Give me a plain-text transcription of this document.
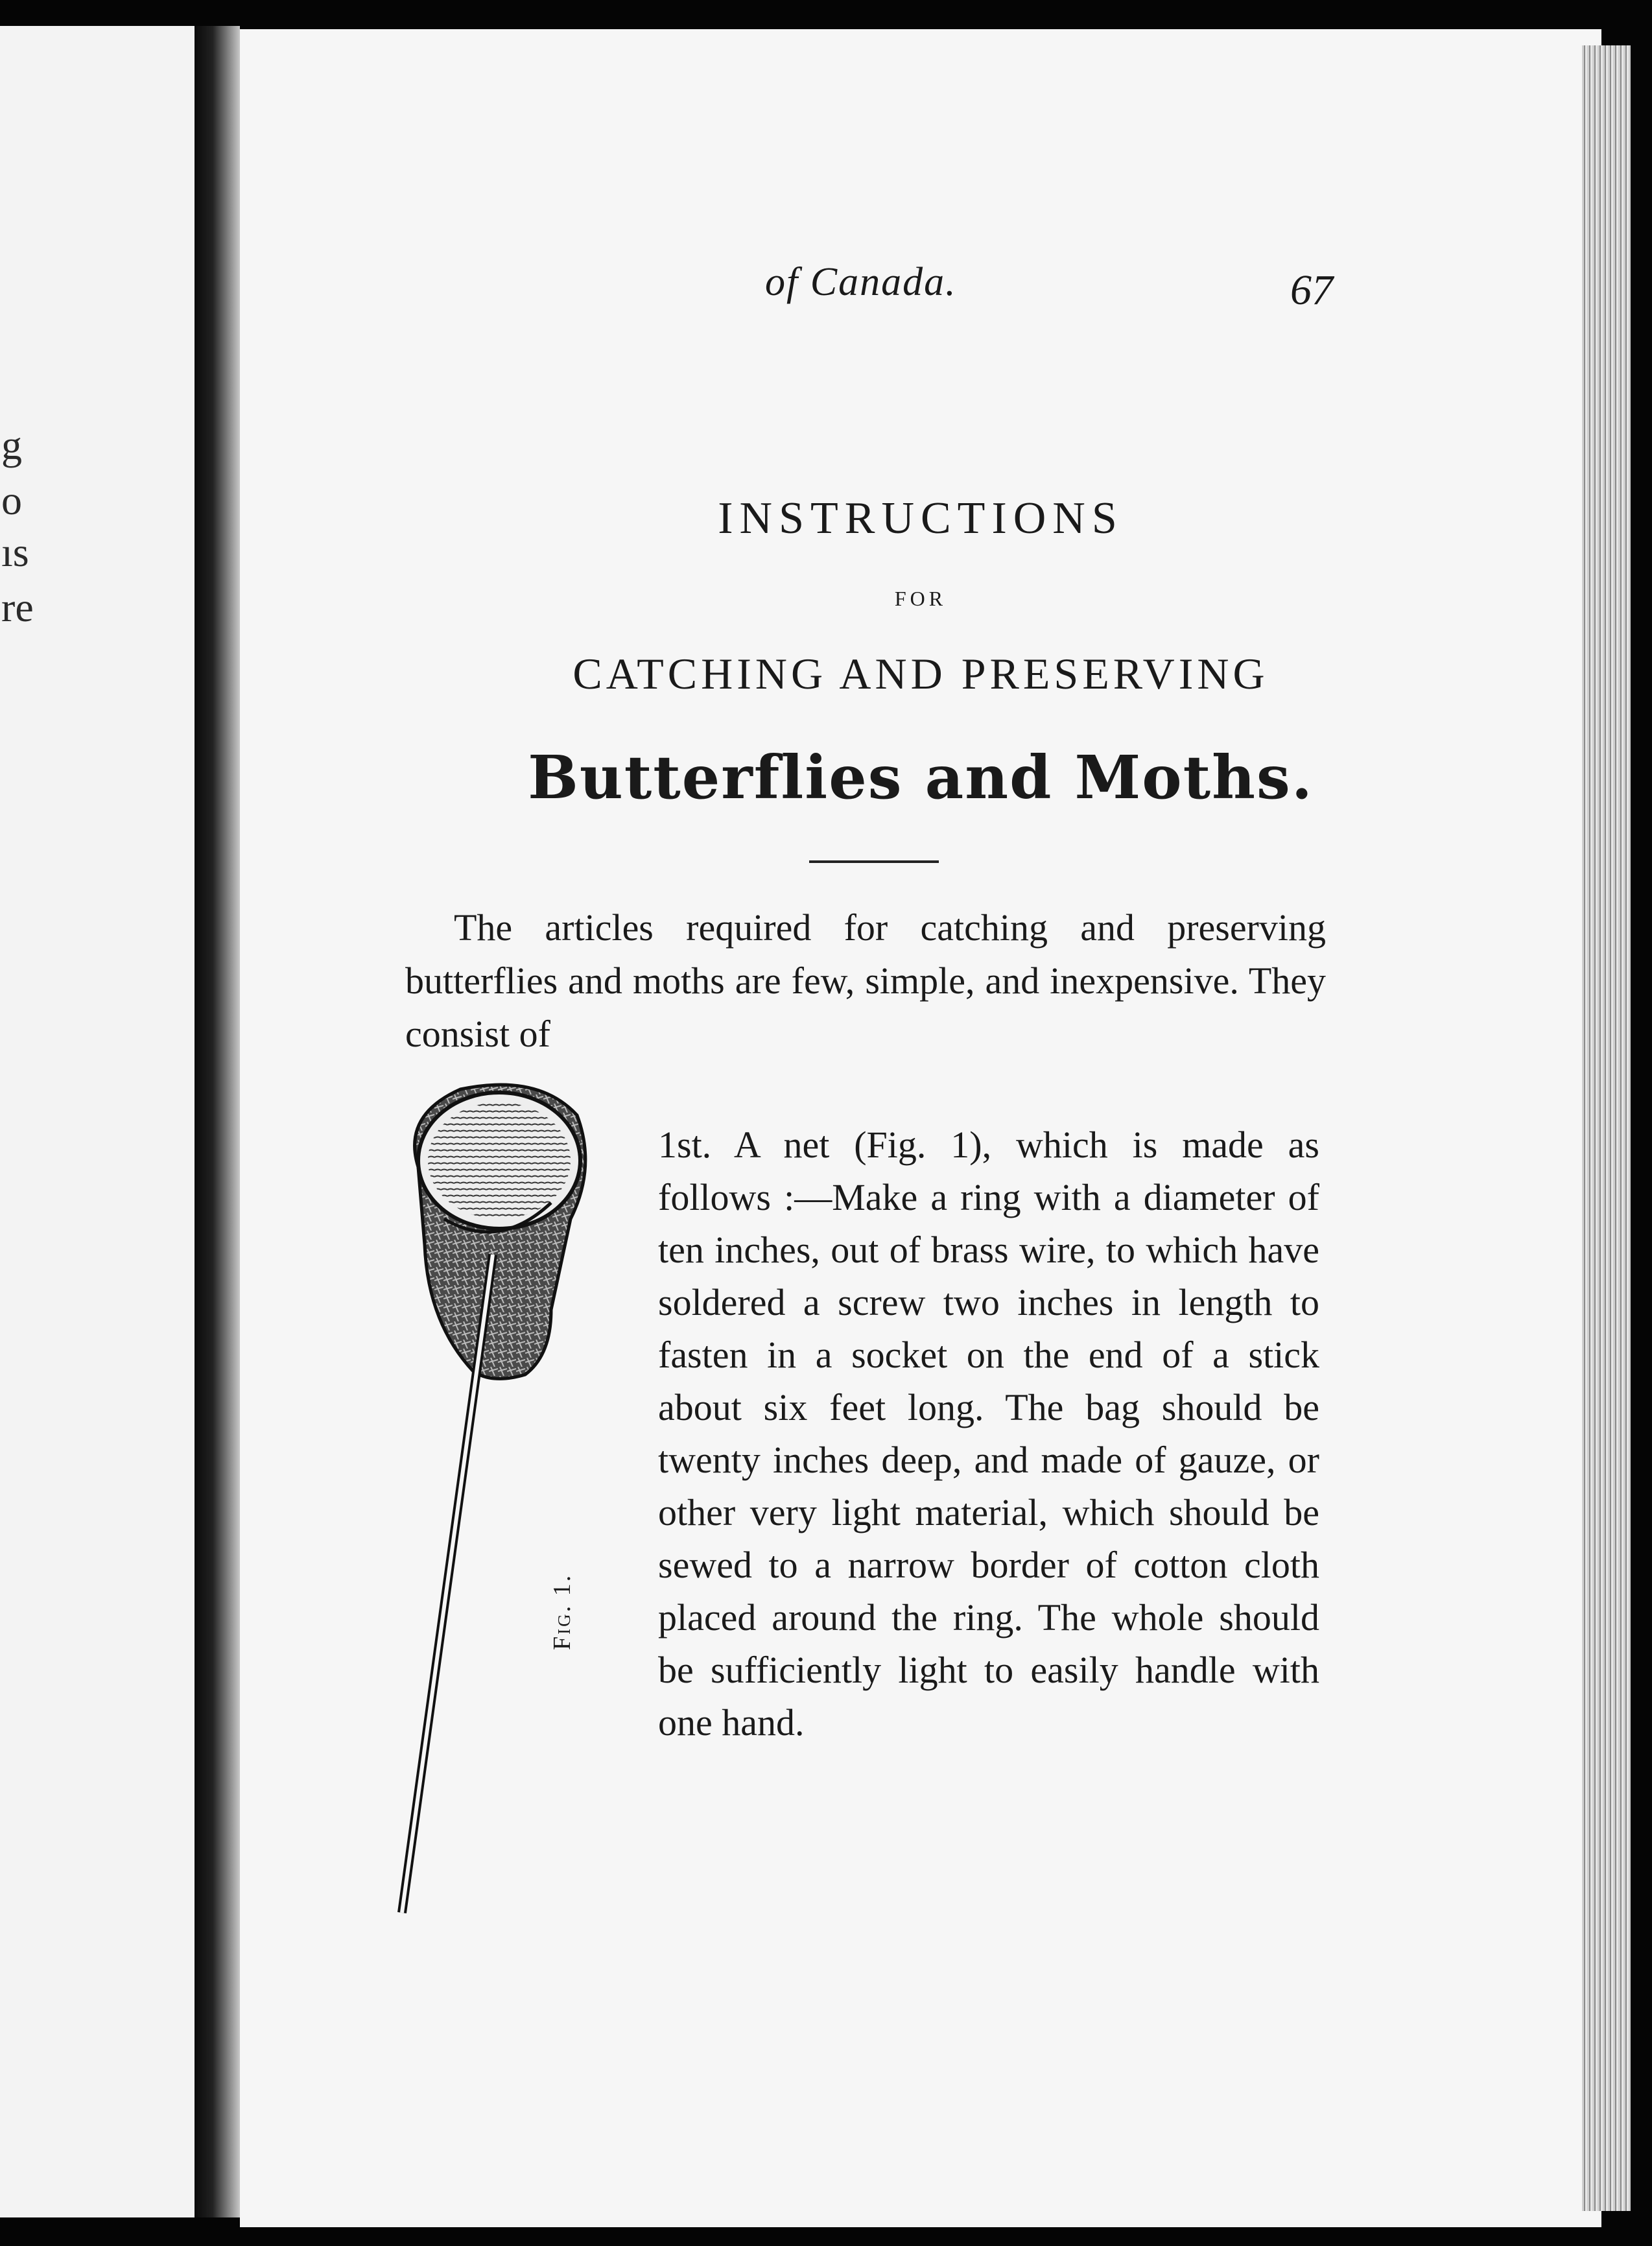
g
o
ıs
re
of Canada.	67
INSTRUCTIONS
FOR
CATCHING AND PRESERVING
Butterflies and Moths.

The articles required for catching and preserving butterflies and moths are few, simple, and inexpensive. They consist of

Fig. 1.

1st. A net (Fig. 1), which is made as follows :—Make a ring with a diameter of ten inches, out of brass wire, to which have soldered a screw two inches in length to fasten in a socket on the end of a stick about six feet long. The bag should be twenty inches deep, and made of gauze, or other very light material, which should be sewed to a narrow border of cotton cloth placed around the ring. The whole should be sufficiently light to easily handle with one hand.
